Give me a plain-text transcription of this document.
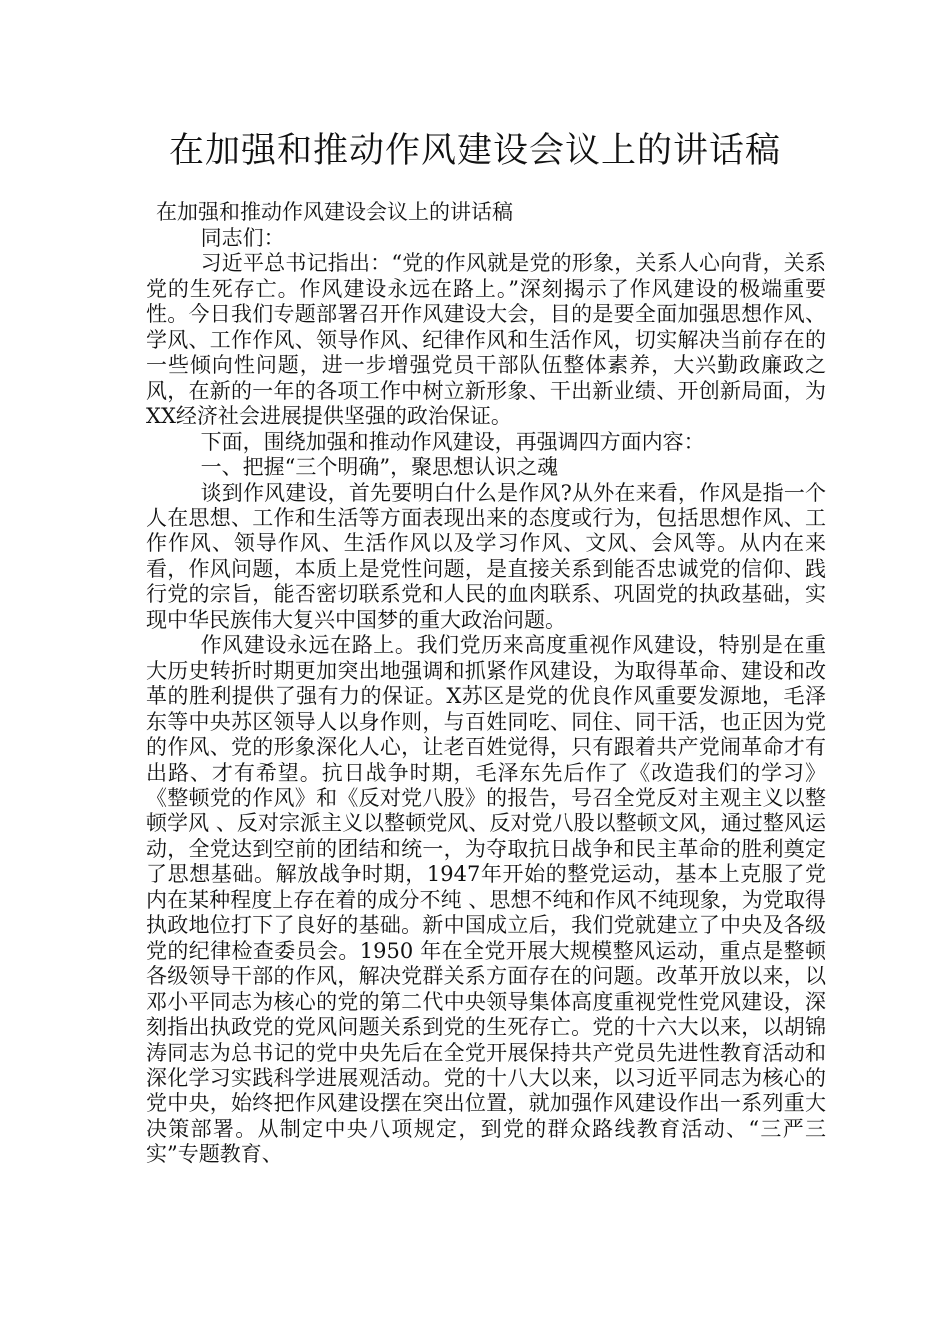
在加强和推动作风建设会议上的讲话稿
在加强和推动作风建设会议上的讲话稿

同志们：

习近平总书记指出：“党的作风就是党的形象，关系人心向背，关系党的生死存亡。作风建设永远在路上。”深刻揭示了作风建设的极端重要性。今日我们专题部署召开作风建设大会，目的是要全面加强思想作风、学风、工作作风、领导作风、纪律作风和生活作风，切实解决当前存在的一些倾向性问题，进一步增强党员干部队伍整体素养，大兴勤政廉政之风，在新的一年的各项工作中树立新形象、干出新业绩、开创新局面，为XX经济社会进展提供坚强的政治保证。

下面，围绕加强和推动作风建设，再强调四方面内容：

一、把握“三个明确”，聚思想认识之魂

谈到作风建设，首先要明白什么是作风?从外在来看，作风是指一个人在思想、工作和生活等方面表现出来的态度或行为，包括思想作风、工作作风、领导作风、生活作风以及学习作风、文风、会风等。从内在来看，作风问题，本质上是党性问题，是直接关系到能否忠诚党的信仰、践行党的宗旨，能否密切联系党和人民的血肉联系、巩固党的执政基础，实现中华民族伟大复兴中国梦的重大政治问题。

作风建设永远在路上。我们党历来高度重视作风建设，特别是在重大历史转折时期更加突出地强调和抓紧作风建设，为取得革命、建设和改革的胜利提供了强有力的保证。X苏区是党的优良作风重要发源地，毛泽东等中央苏区领导人以身作则，与百姓同吃、同住、同干活，也正因为党的作风、党的形象深化人心，让老百姓觉得，只有跟着共产党闹革命才有出路、才有希望。抗日战争时期，毛泽东先后作了《改造我们的学习》《整顿党的作风》和《反对党八股》的报告，号召全党反对主观主义以整顿学风 、反对宗派主义以整顿党风、反对党八股以整顿文风，通过整风运动，全党达到空前的团结和统一，为夺取抗日战争和民主革命的胜利奠定了思想基础。解放战争时期，1947年开始的整党运动，基本上克服了党内在某种程度上存在着的成分不纯 、思想不纯和作风不纯现象，为党取得执政地位打下了良好的基础。新中国成立后，我们党就建立了中央及各级党的纪律检查委员会。1950 年在全党开展大规模整风运动，重点是整顿各级领导干部的作风，解决党群关系方面存在的问题。改革开放以来，以邓小平同志为核心的党的第二代中央领导集体高度重视党性党风建设，深刻指出执政党的党风问题关系到党的生死存亡。党的十六大以来，以胡锦涛同志为总书记的党中央先后在全党开展保持共产党员先进性教育活动和深化学习实践科学进展观活动。党的十八大以来，以习近平同志为核心的党中央，始终把作风建设摆在突出位置，就加强作风建设作出一系列重大决策部署。从制定中央八项规定，到党的群众路线教育活动、“三严三实”专题教育、
